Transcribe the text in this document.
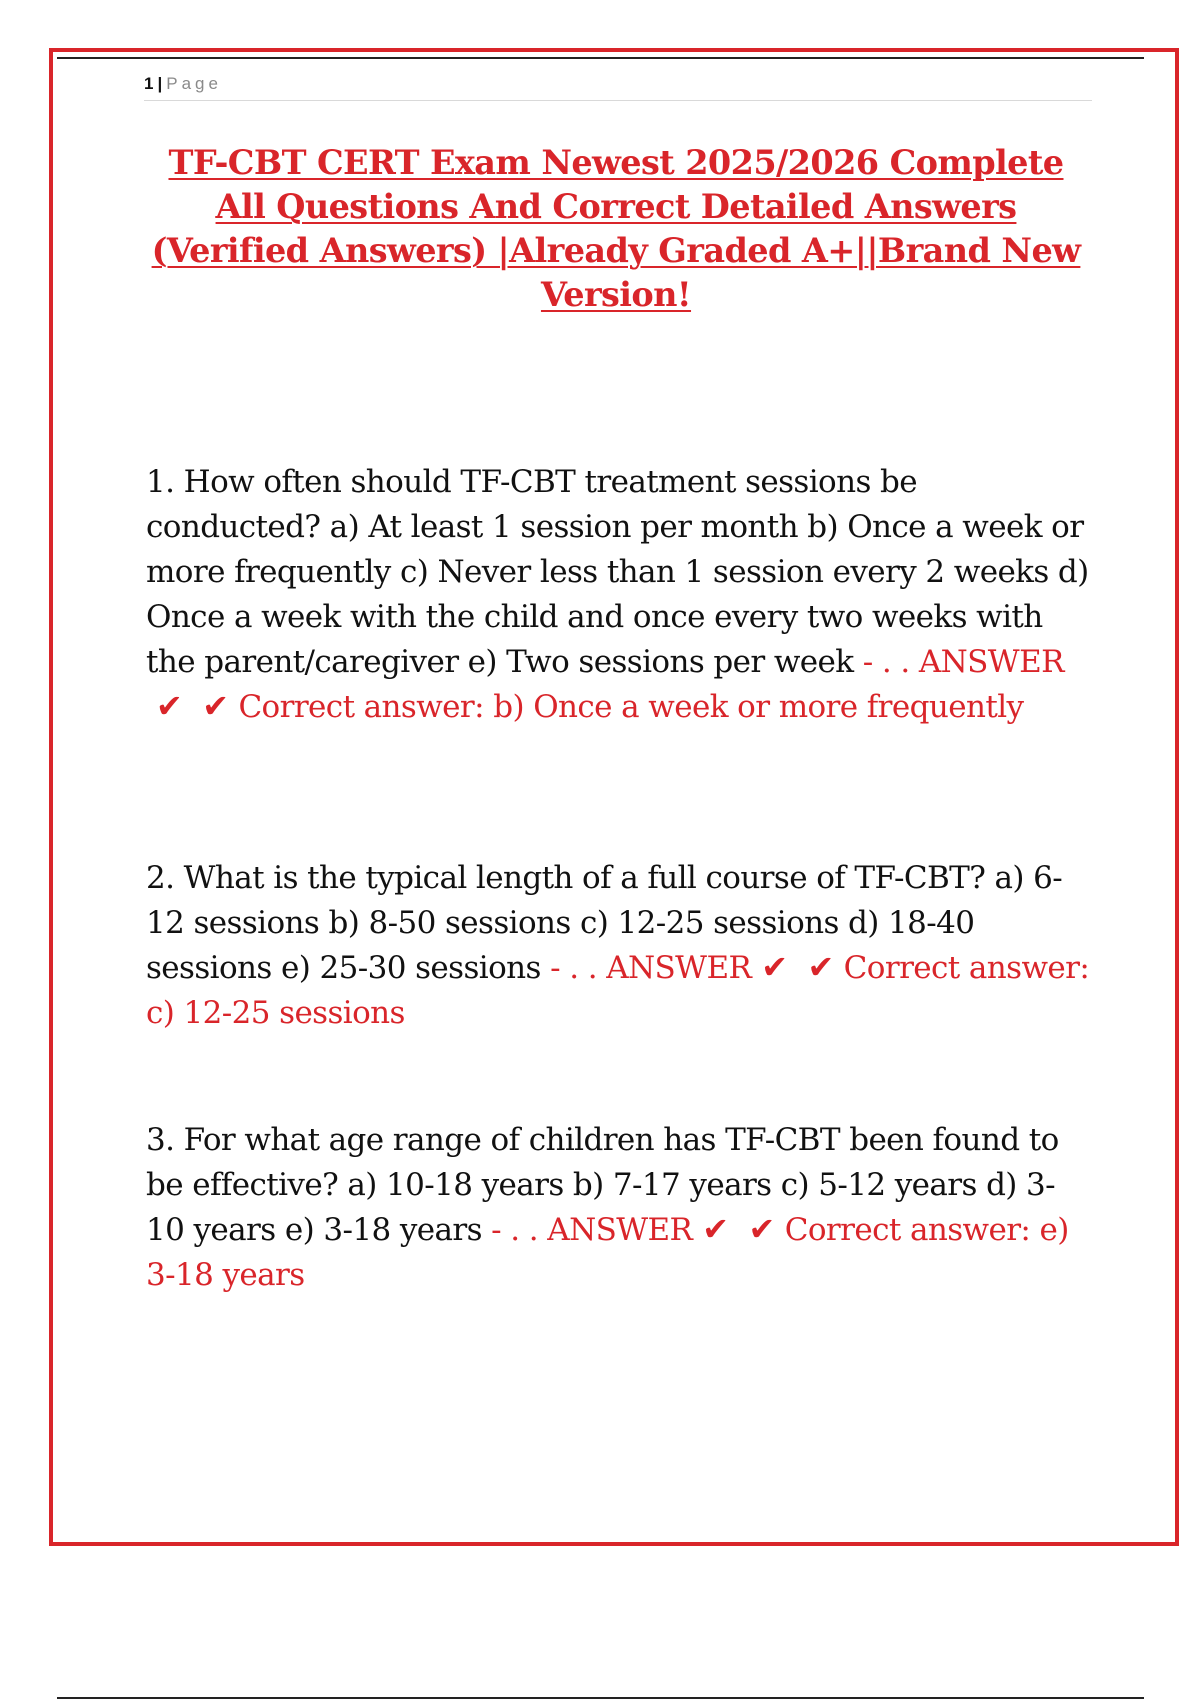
1 | Page
TF-CBT CERT Exam Newest 2025/2026 Complete All Questions And Correct Detailed Answers (Verified Answers) |Already Graded A+||Brand New Version!
1. How often should TF-CBT treatment sessions be conducted? a) At least 1 session per month b) Once a week or more frequently c) Never less than 1 session every 2 weeks d) Once a week with the child and once every two weeks with the parent/caregiver e) Two sessions per week - . . ANSWER✔ ✔ Correct answer: b) Once a week or more frequently
2. What is the typical length of a full course of TF-CBT? a) 6-12 sessions b) 8-50 sessions c) 12-25 sessions d) 18-40 sessions e) 25-30 sessions - . . ANSWER ✔ ✔ Correct answer: c) 12-25 sessions
3. For what age range of children has TF-CBT been found to be effective? a) 10-18 years b) 7-17 years c) 5-12 years d) 3-10 years e) 3-18 years - . . ANSWER ✔ ✔ Correct answer: e) 3-18 years
